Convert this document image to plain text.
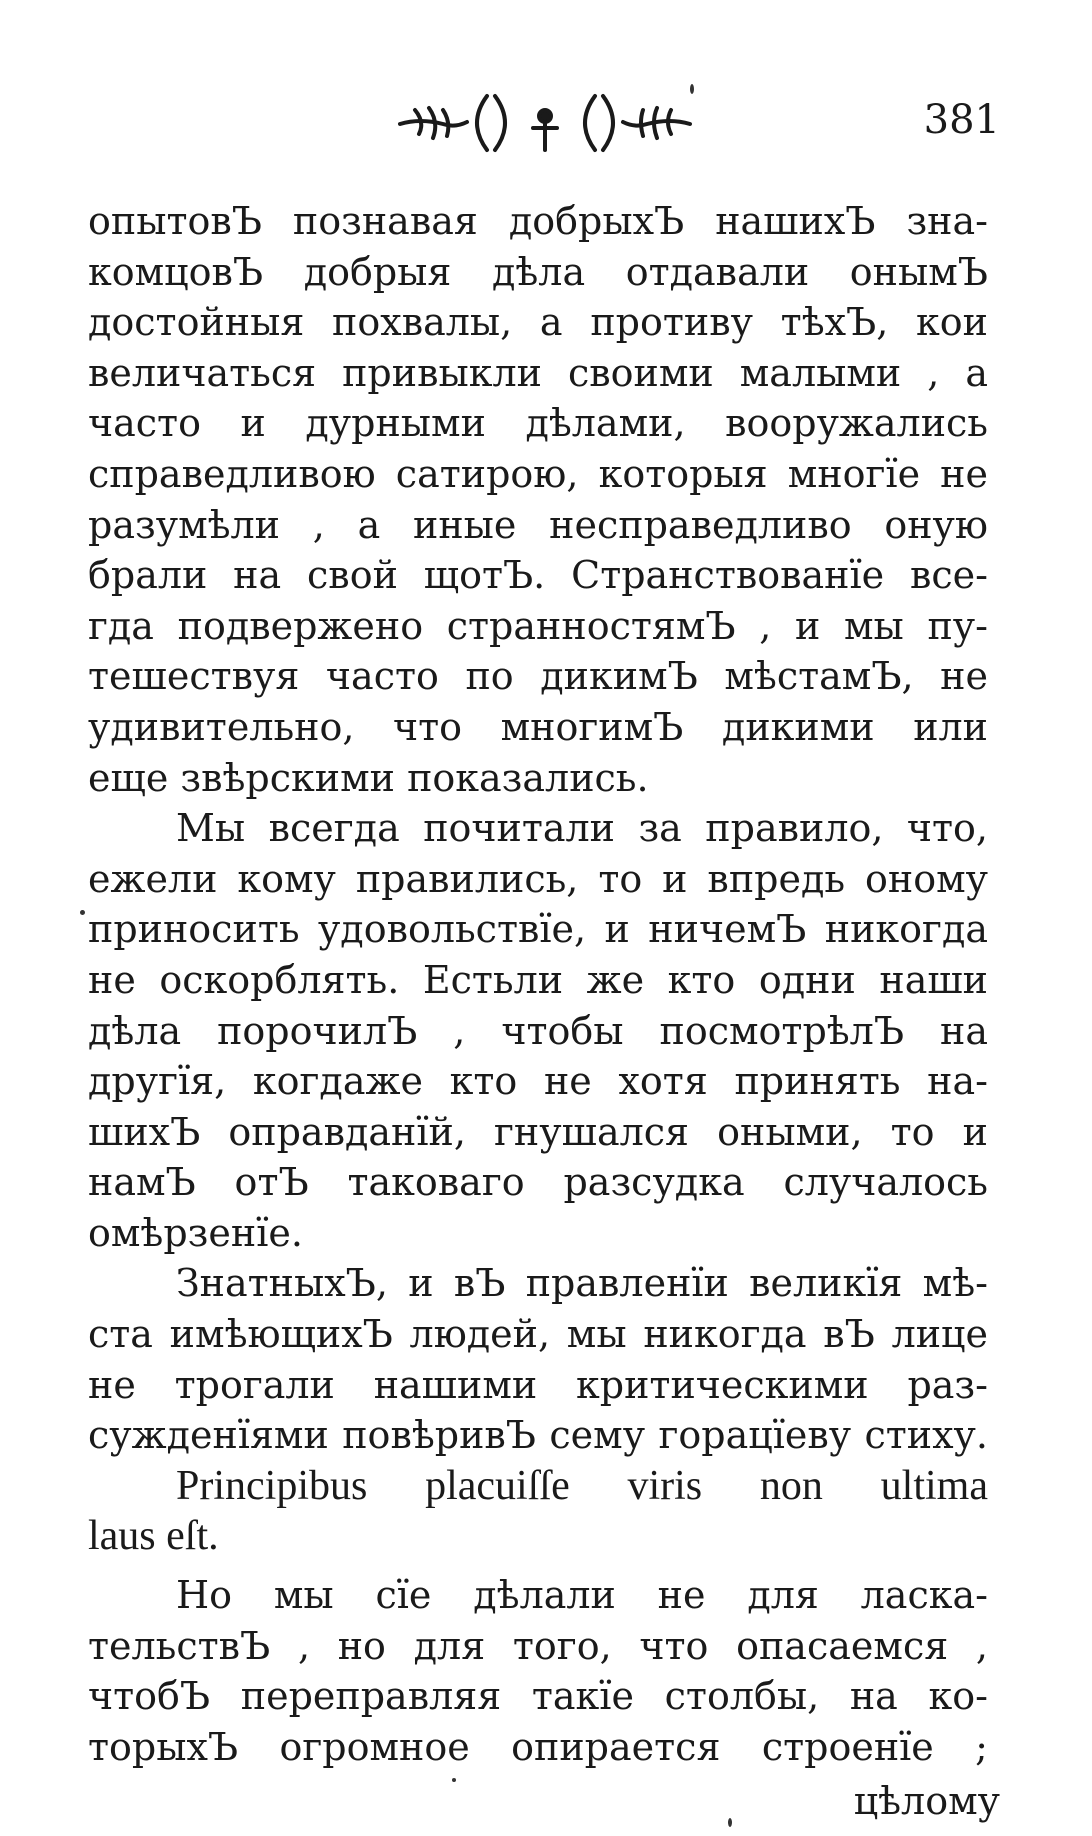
381
опытовЪ познавая добрыхЪ нашихЪ зна-
комцовЪ добрыя дѣла отдавали онымЪ
достойныя похвалы, а противу тѣхЪ, кои
величаться привыкли своими малыми , а
часто и дурными дѣлами, вооружались
справедливою сатирою, которыя многїе не
разумѣли , а иные несправедливо оную
брали на свой щотЪ. Странствованїе все-
гда подвержено странностямЪ , и мы пу-
тешествуя часто по дикимЪ мѣстамЪ, не
удивительно, что многимЪ дикими или
еще звѣрскими показались.
Мы всегда почитали за правило, что,
ежели кому правились, то и впредь оному
приносить удовольствїе, и ничемЪ никогда
не оскорблять. Естьли же кто одни наши
дѣла порочилЪ , чтобы посмотрѣлЪ на
другїя, когдаже кто не хотя принять на-
шихЪ оправданїй, гнушался оными, то и
намЪ отЪ таковаго разсудка случалось
омѣрзенїе.
ЗнатныхЪ, и вЪ правленїи великїя мѣ-
ста имѣющихЪ людей, мы никогда вЪ лице
не трогали нашими критическими раз-
сужденїями повѣривЪ сему горацїеву стиху.
Principibus placuiſſe viris non ultima
laus eſt.
Но мы сїе дѣлали не для ласка-
тельствЪ , но для того, что опасаемся ,
чтобЪ переправляя такїе столбы, на ко-
торыхЪ огромное опирается строенїе ;
цѣлому
